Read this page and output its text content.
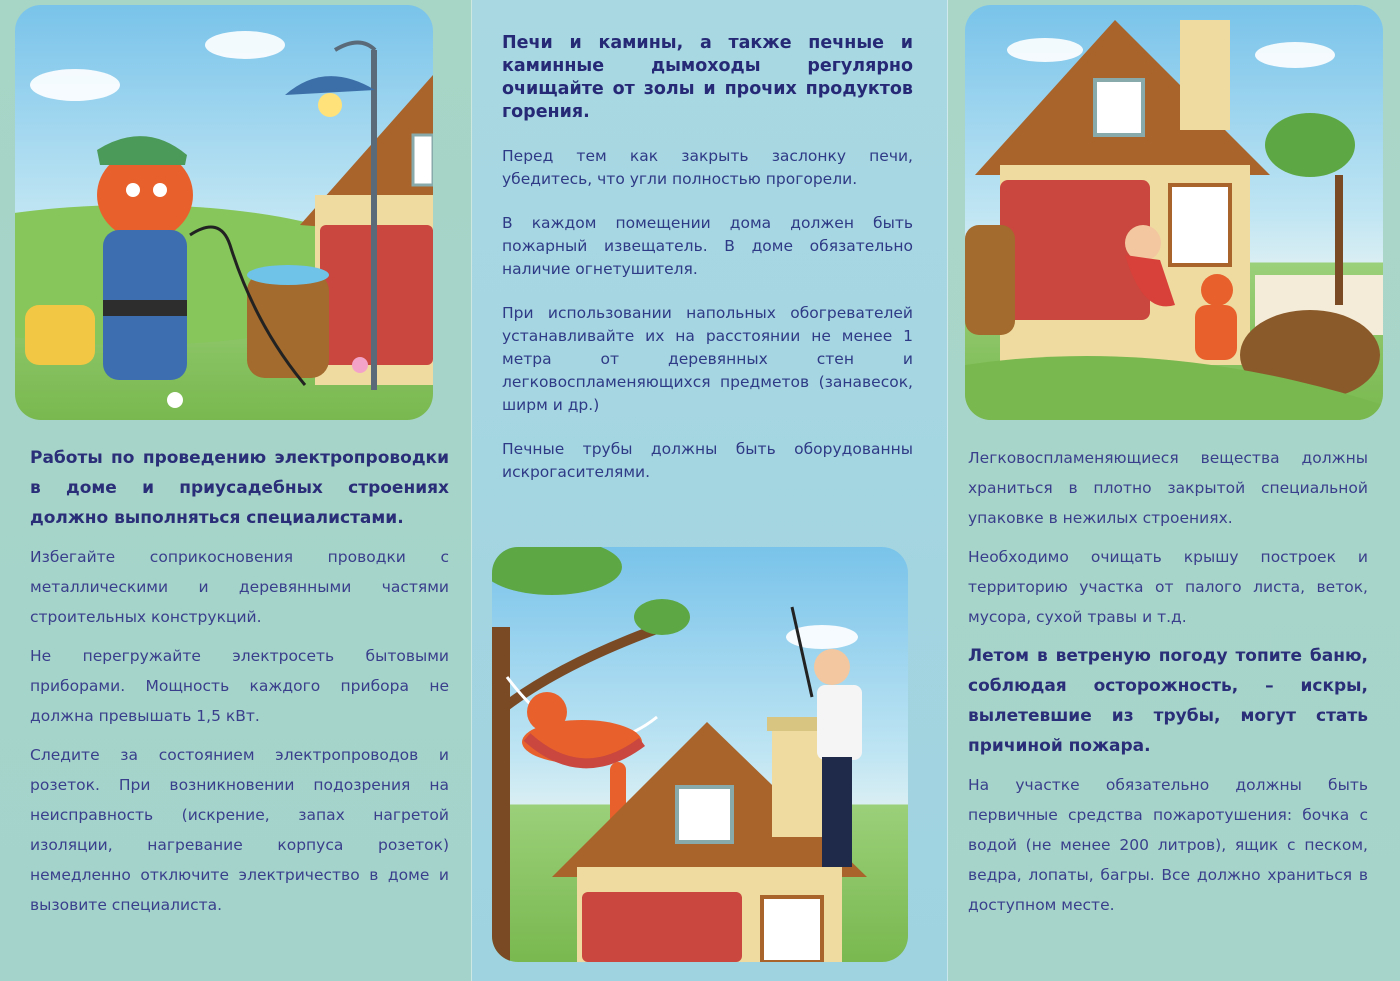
Работы по проведению электропроводки в доме и приусадебных строениях должно выполняться специалистами.

Избегайте соприкосновения проводки с металлическими и деревянными частями строительных конструкций.

Не перегружайте электросеть бытовыми приборами. Мощность каждого прибора не должна превышать 1,5 кВт.

Следите за состоянием электропроводов и розеток. При возникновении подозрения на неисправность (искрение, запах нагретой изоляции, нагревание корпуса розеток) немедленно отключите электричество в доме и вызовите специалиста.

Печи и камины, а также печные и каминные дымоходы регулярно очищайте от золы и прочих продуктов горения.

Перед тем как закрыть заслонку печи, убедитесь, что угли полностью прогорели.

В каждом помещении дома должен быть пожарный извещатель. В доме обязательно наличие огнетушителя.

При использовании напольных обогревателей устанавливайте их на расстоянии не менее 1 метра от деревянных стен и легковоспламеняющихся предметов (занавесок, ширм и др.)

Печные трубы должны быть оборудованны искрогасителями.

Легковоспламеняющиеся вещества должны храниться в плотно закрытой специальной упаковке в нежилых строениях.

Необходимо очищать крышу построек и территорию участка от палого листа, веток, мусора, сухой травы и т.д.

Летом в ветреную погоду топите баню, соблюдая осторожность, – искры, вылетевшие из трубы, могут стать причиной пожара.

На участке обязательно должны быть первичные средства пожаротушения: бочка с водой (не менее 200 литров), ящик с песком, ведра, лопаты, багры. Все должно храниться в доступном месте.
